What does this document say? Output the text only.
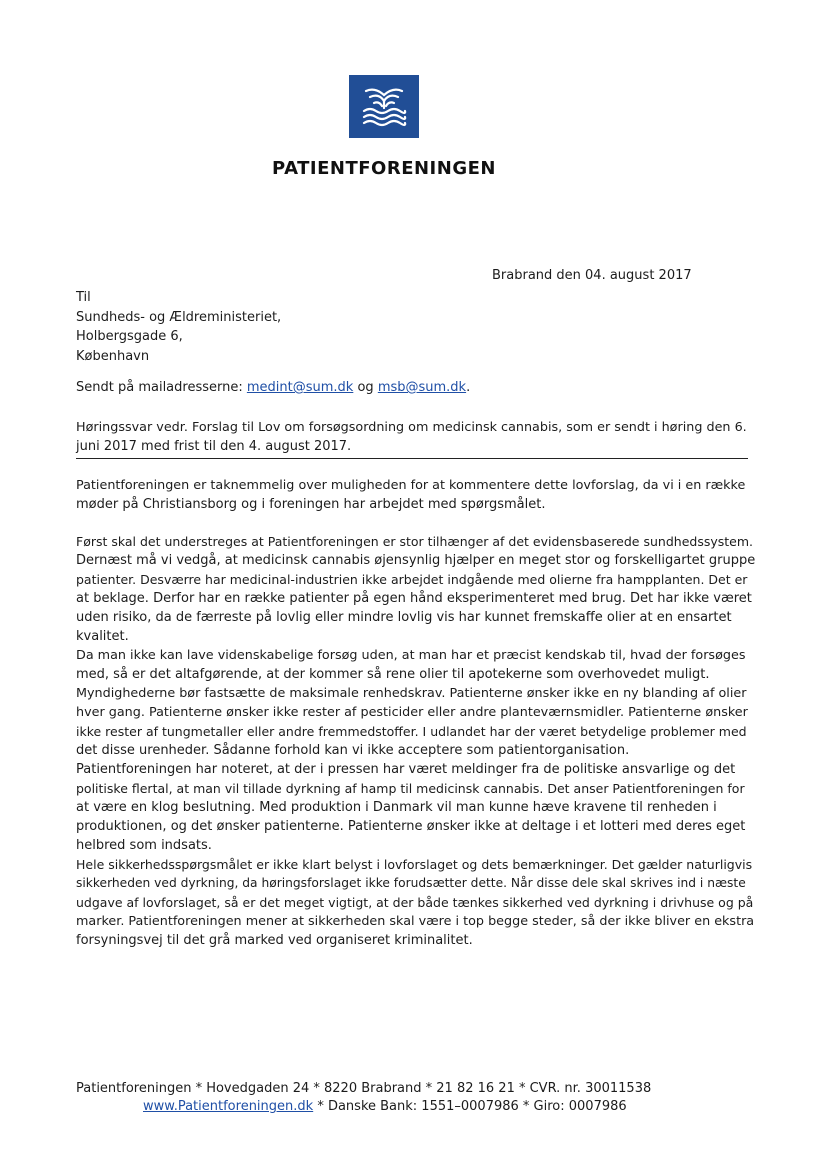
PATIENTFORENINGEN
Brabrand den 04. august 2017
Til
Sundheds- og Ældreministeriet,
Holbergsgade 6,
København
Sendt på mailadresserne: medint@sum.dk og msb@sum.dk.
Høringssvar vedr. Forslag til Lov om forsøgsordning om medicinsk cannabis, som er sendt i høring den 6.
juni 2017 med frist til den 4. august 2017.
Patientforeningen er taknemmelig over muligheden for at kommentere dette lovforslag, da vi i en række
møder på Christiansborg og i foreningen har arbejdet med spørgsmålet.
Først skal det understreges at Patientforeningen er stor tilhænger af det evidensbaserede sundhedssystem.
Dernæst må vi vedgå, at medicinsk cannabis øjensynlig hjælper en meget stor og forskelligartet gruppe
patienter. Desværre har medicinal-industrien ikke arbejdet indgående med olierne fra hampplanten. Det er
at beklage. Derfor har en række patienter på egen hånd eksperimenteret med brug. Det har ikke været
uden risiko, da de færreste på lovlig eller mindre lovlig vis har kunnet fremskaffe olier at en ensartet
kvalitet.
Da man ikke kan lave videnskabelige forsøg uden, at man har et præcist kendskab til, hvad der forsøges
med, så er det altafgørende, at der kommer så rene olier til apotekerne som overhovedet muligt.
Myndighederne bør fastsætte de maksimale renhedskrav. Patienterne ønsker ikke en ny blanding af olier
hver gang. Patienterne ønsker ikke rester af pesticider eller andre planteværnsmidler. Patienterne ønsker
ikke rester af tungmetaller eller andre fremmedstoffer. I udlandet har der været betydelige problemer med
det disse urenheder. Sådanne forhold kan vi ikke acceptere som patientorganisation.
Patientforeningen har noteret, at der i pressen har været meldinger fra de politiske ansvarlige og det
politiske flertal, at man vil tillade dyrkning af hamp til medicinsk cannabis. Det anser Patientforeningen for
at være en klog beslutning. Med produktion i Danmark vil man kunne hæve kravene til renheden i
produktionen, og det ønsker patienterne. Patienterne ønsker ikke at deltage i et lotteri med deres eget
helbred som indsats.
Hele sikkerhedsspørgsmålet er ikke klart belyst i lovforslaget og dets bemærkninger. Det gælder naturligvis
sikkerheden ved dyrkning, da høringsforslaget ikke forudsætter dette. Når disse dele skal skrives ind i næste
udgave af lovforslaget, så er det meget vigtigt, at der både tænkes sikkerhed ved dyrkning i drivhuse og på
marker. Patientforeningen mener at sikkerheden skal være i top begge steder, så der ikke bliver en ekstra
forsyningsvej til det grå marked ved organiseret kriminalitet.
Patientforeningen * Hovedgaden 24 * 8220 Brabrand * 21 82 16 21 * CVR. nr. 30011538
www.Patientforeningen.dk * Danske Bank: 1551–0007986 * Giro: 0007986
